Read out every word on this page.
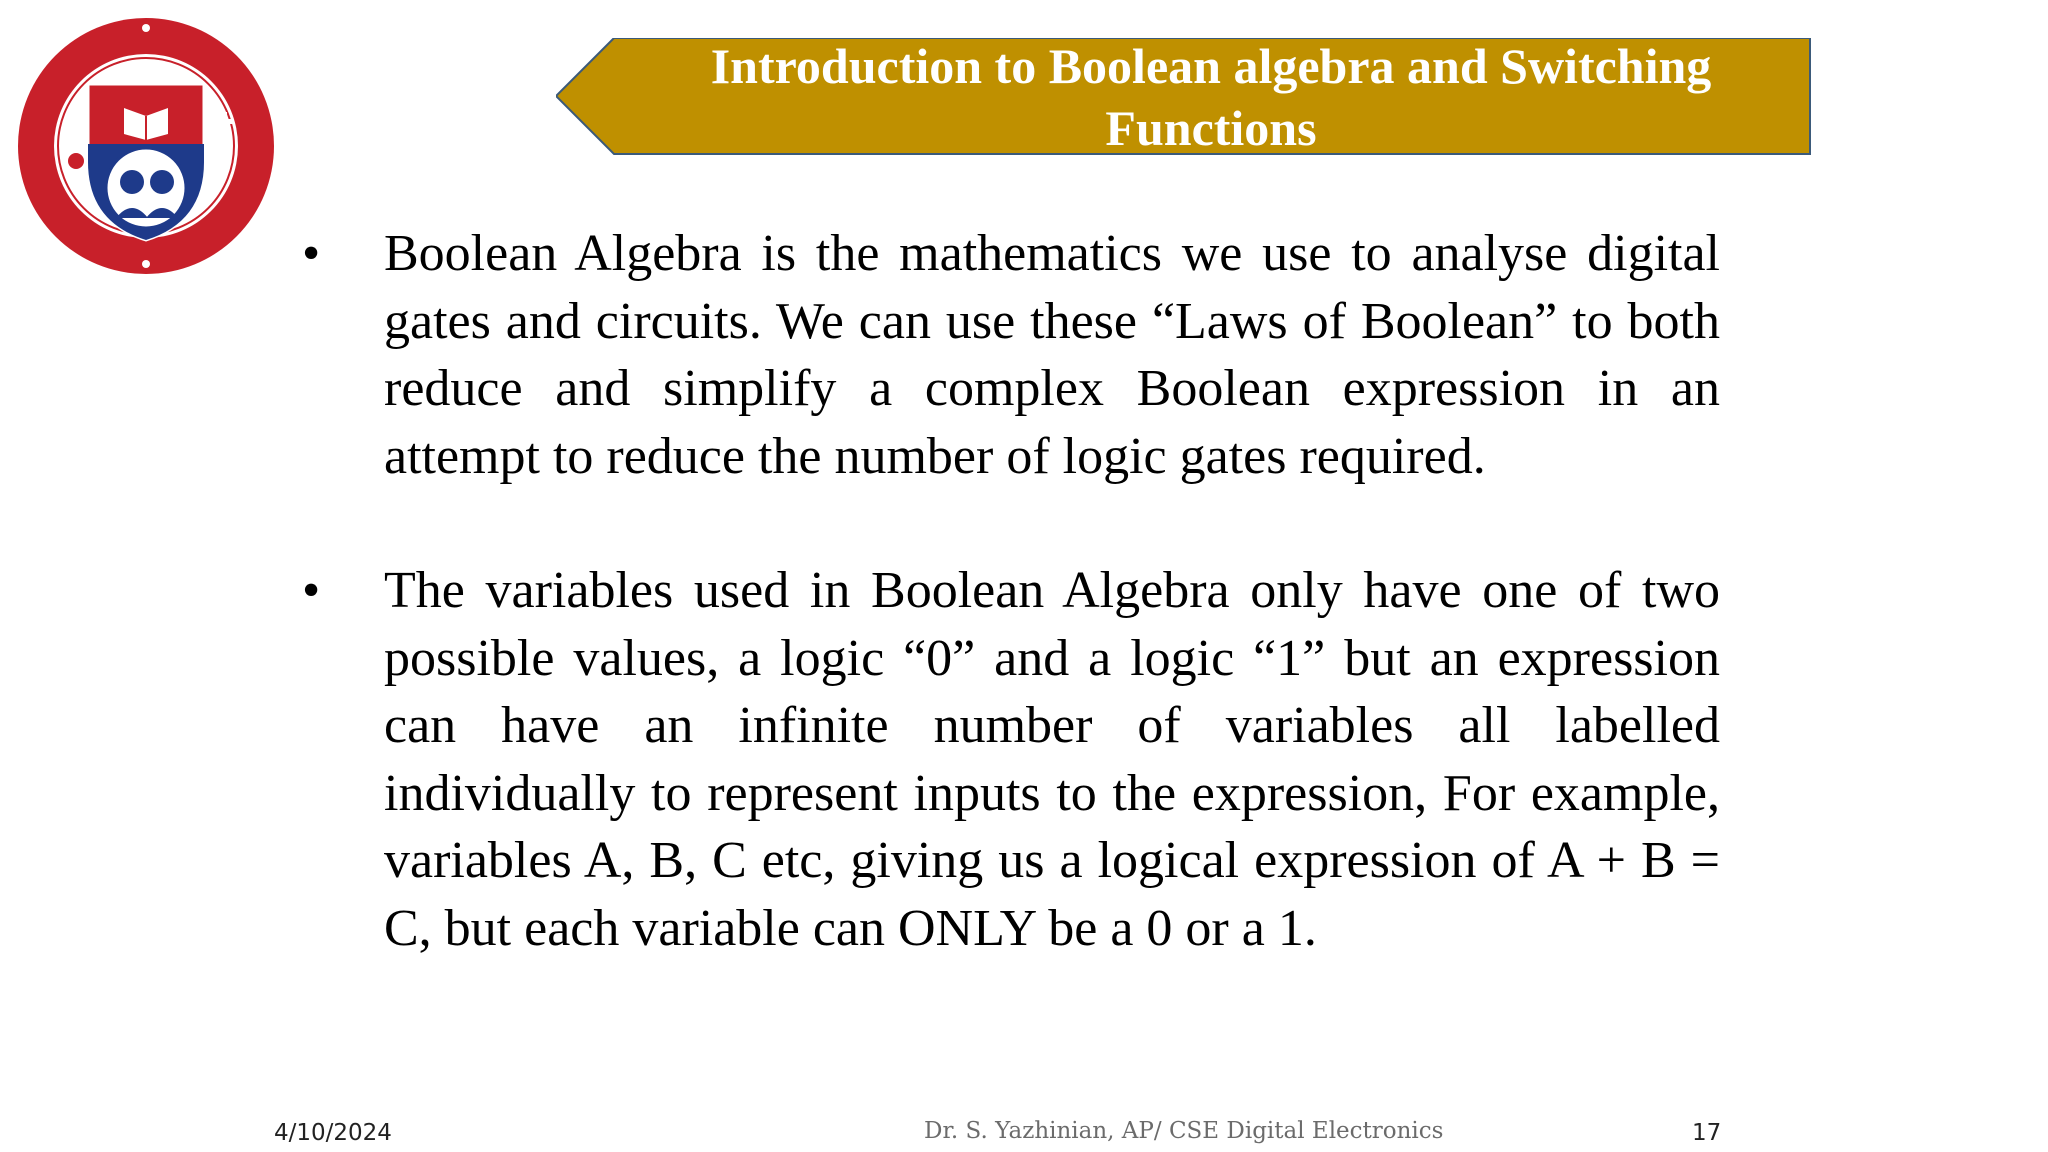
Introduction to Boolean algebra and Switching Functions
• Boolean Algebra is the mathematics we use to analyse digital gates and circuits. We can use these “Laws of Boolean” to both reduce and simplify a complex Boolean expression in an attempt to reduce the number of logic gates required.
• The variables used in Boolean Algebra only have one of two possible values, a logic “0” and a logic “1” but an expression can have an infinite number of variables all labelled individually to represent inputs to the expression, For example, variables A, B, C etc, giving us a logical expression of A + B = C, but each variable can ONLY be a 0 or a 1.
4/10/2024	Dr. S. Yazhinian, AP/ CSE Digital Electronics	17
